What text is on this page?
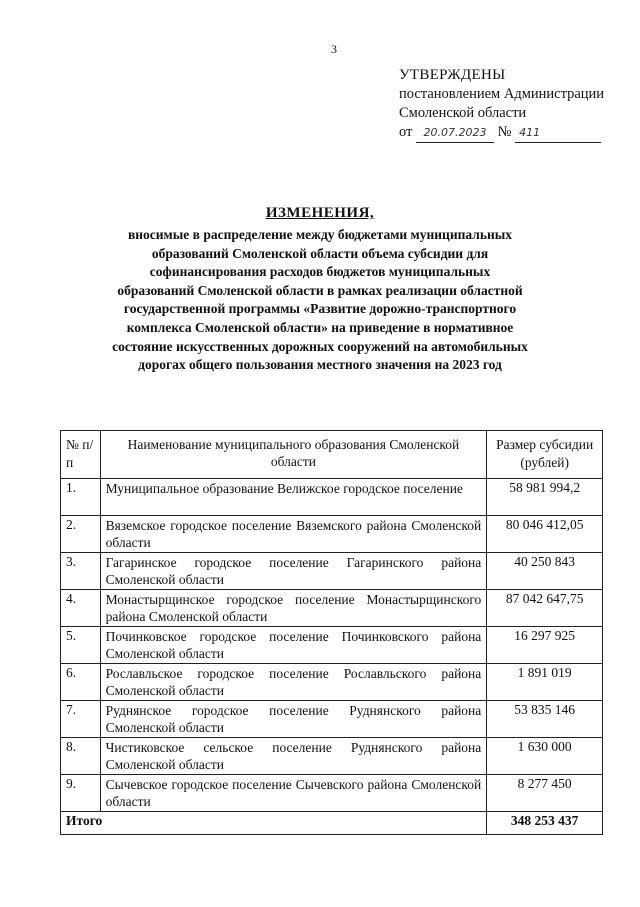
3
УТВЕРЖДЕНЫ
постановлением Администрации
Смоленской области
от 20.07.2023 № 411
ИЗМЕНЕНИЯ,
вносимые в распределение между бюджетами муниципальных образований Смоленской области объема субсидии для софинансирования расходов бюджетов муниципальных образований Смоленской области в рамках реализации областной государственной программы «Развитие дорожно-транспортного комплекса Смоленской области» на приведение в нормативное состояние искусственных дорожных сооружений на автомобильных дорогах общего пользования местного значения на 2023 год
№ п/п	Наименование муниципального образования Смоленской области	Размер субсидии (рублей)
1.	Муниципальное образование Велижское городское поселение	58 981 994,2
2.	Вяземское городское поселение Вяземского района Смоленской области	80 046 412,05
3.	Гагаринское городское поселение Гагаринского района Смоленской области	40 250 843
4.	Монастырщинское городское поселение Монастырщинского района Смоленской области	87 042 647,75
5.	Починковское городское поселение Починковского района Смоленской области	16 297 925
6.	Рославльское городское поселение Рославльского района Смоленской области	1 891 019
7.	Руднянское городское поселение Руднянского района Смоленской области	53 835 146
8.	Чистиковское сельское поселение Руднянского района Смоленской области	1 630 000
9.	Сычевское городское поселение Сычевского района Смоленской области	8 277 450
Итого		348 253 437
